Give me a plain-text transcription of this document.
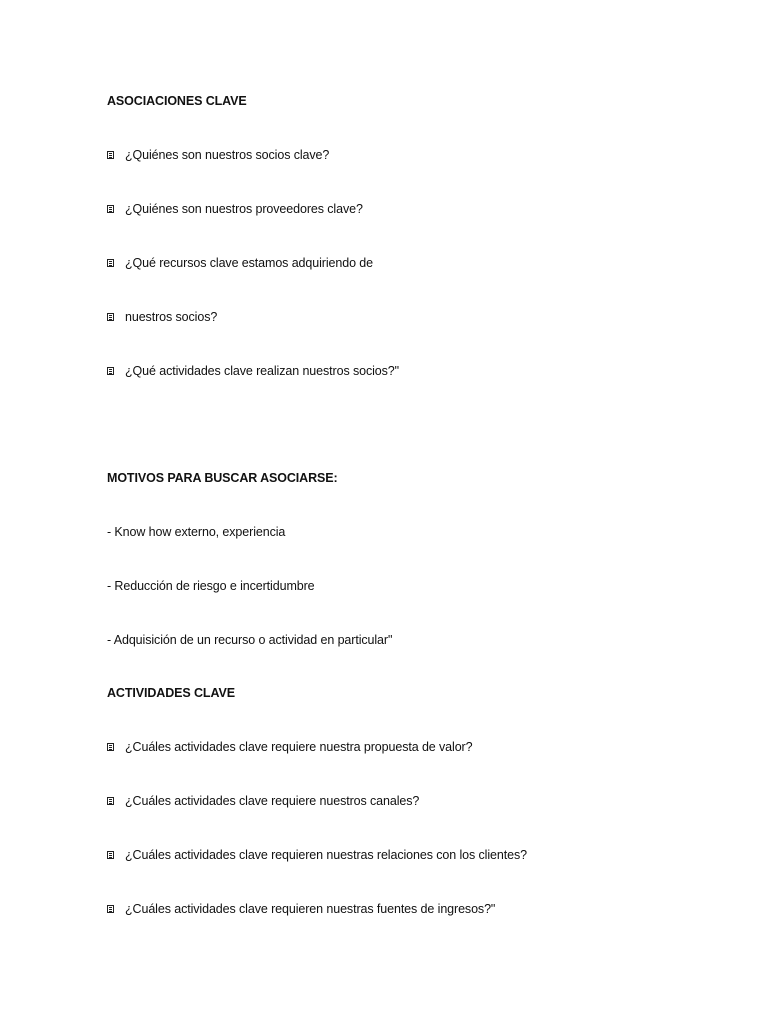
ASOCIACIONES CLAVE
¿Quiénes son nuestros socios clave?
¿Quiénes son nuestros proveedores clave?
¿Qué recursos clave estamos adquiriendo de
nuestros socios?
¿Qué actividades clave realizan nuestros socios?"
MOTIVOS PARA BUSCAR ASOCIARSE:
- Know how externo, experiencia
- Reducción de riesgo e incertidumbre
- Adquisición de un recurso o actividad en particular"
ACTIVIDADES CLAVE
¿Cuáles actividades clave requiere nuestra propuesta de valor?
¿Cuáles actividades clave requiere nuestros canales?
¿Cuáles actividades clave requieren nuestras relaciones con los clientes?
¿Cuáles actividades clave requieren nuestras fuentes de ingresos?"
